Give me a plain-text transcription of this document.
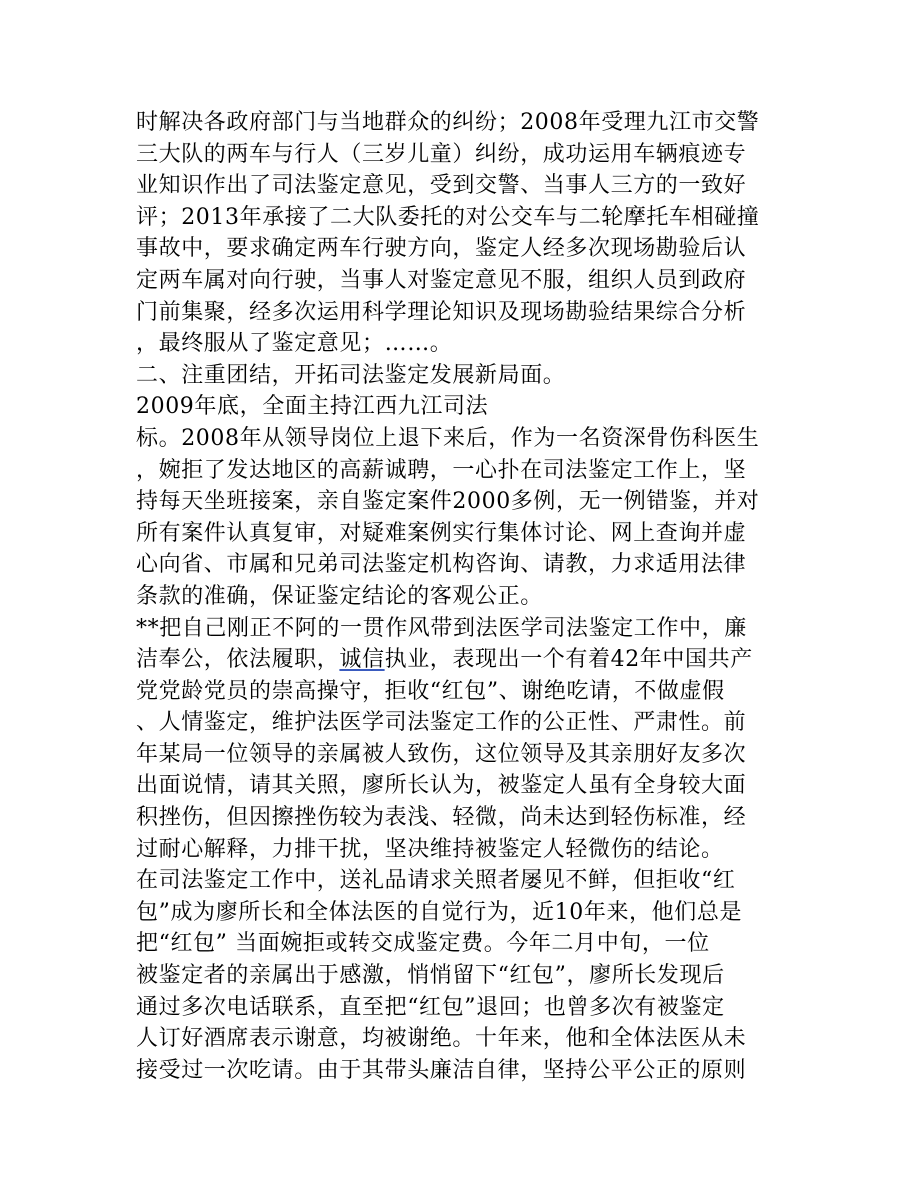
时解决各政府部门与当地群众的纠纷；2008年受理九江市交警
三大队的两车与行人（三岁儿童）纠纷，成功运用车辆痕迹专
业知识作出了司法鉴定意见，受到交警、当事人三方的一致好
评；2013年承接了二大队委托的对公交车与二轮摩托车相碰撞
事故中，要求确定两车行驶方向，鉴定人经多次现场勘验后认
定两车属对向行驶，当事人对鉴定意见不服，组织人员到政府
门前集聚，经多次运用科学理论知识及现场勘验结果综合分析
，最终服从了鉴定意见；……。
二、注重团结，开拓司法鉴定发展新局面。
2009年底，全面主持江西九江司法
标。2008年从领导岗位上退下来后，作为一名资深骨伤科医生
，婉拒了发达地区的高薪诚聘，一心扑在司法鉴定工作上，坚
持每天坐班接案，亲自鉴定案件2000多例，无一例错鉴，并对
所有案件认真复审，对疑难案例实行集体讨论、网上查询并虚
心向省、市属和兄弟司法鉴定机构咨询、请教，力求适用法律
条款的准确，保证鉴定结论的客观公正。
**把自己刚正不阿的一贯作风带到法医学司法鉴定工作中，廉
洁奉公，依法履职，诚信执业，表现出一个有着42年中国共产
党党龄党员的崇高操守，拒收“红包”、谢绝吃请，不做虚假
、人情鉴定，维护法医学司法鉴定工作的公正性、严肃性。前
年某局一位领导的亲属被人致伤，这位领导及其亲朋好友多次
出面说情，请其关照，廖所长认为，被鉴定人虽有全身较大面
积挫伤，但因擦挫伤较为表浅、轻微，尚未达到轻伤标准，经
过耐心解释，力排干扰，坚决维持被鉴定人轻微伤的结论。
在司法鉴定工作中，送礼品请求关照者屡见不鲜，但拒收“红
包”成为廖所长和全体法医的自觉行为，近10年来，他们总是
把“红包” 当面婉拒或转交成鉴定费。今年二月中旬，一位
被鉴定者的亲属出于感激，悄悄留下“红包”，廖所长发现后
通过多次电话联系，直至把“红包”退回；也曾多次有被鉴定
人订好酒席表示谢意，均被谢绝。十年来，他和全体法医从未
接受过一次吃请。由于其带头廉洁自律，坚持公平公正的原则
